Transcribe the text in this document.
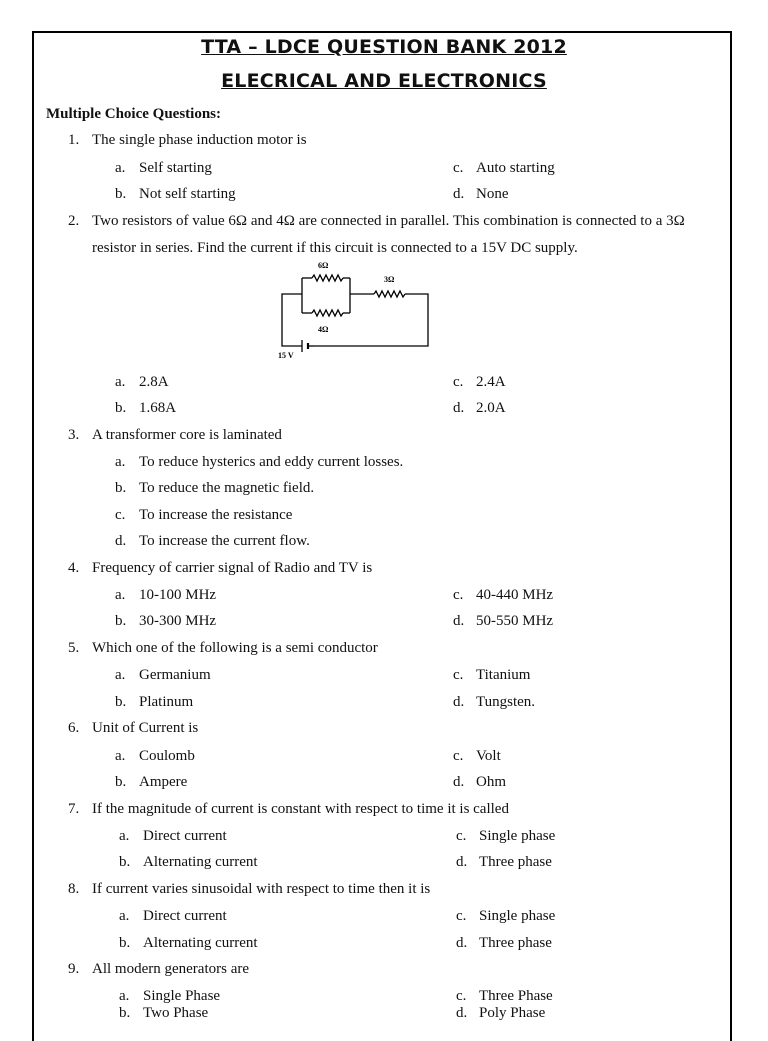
TTA – LDCE QUESTION BANK 2012
ELECRICAL AND ELECTRONICS
Multiple Choice Questions:
1. The single phase induction motor is
a. Self starting	c. Auto starting
b. Not self starting	d. None
2. Two resistors of value 6Ω and 4Ω are connected in parallel. This combination is connected to a 3Ω
resistor in series. Find the current if this circuit is connected to a 15V DC supply.
6Ω
3Ω
4Ω
15 V
a. 2.8A	c. 2.4A
b. 1.68A	d. 2.0A
3. A transformer core is laminated
a. To reduce hysterics and eddy current losses.
b. To reduce the magnetic field.
c. To increase the resistance
d. To increase the current flow.
4. Frequency of carrier signal of Radio and TV is
a. 10-100 MHz	c. 40-440 MHz
b. 30-300 MHz	d. 50-550 MHz
5. Which one of the following is a semi conductor
a. Germanium	c. Titanium
b. Platinum	d. Tungsten.
6. Unit of Current is
a. Coulomb	c. Volt
b. Ampere	d. Ohm
7. If the magnitude of current is constant with respect to time it is called
a. Direct current	c. Single phase
b. Alternating current	d. Three phase
8. If current varies sinusoidal with respect to time then it is
a. Direct current	c. Single phase
b. Alternating current	d. Three phase
9. All modern generators are
a. Single Phase	c. Three Phase
b. Two Phase	d. Poly Phase
